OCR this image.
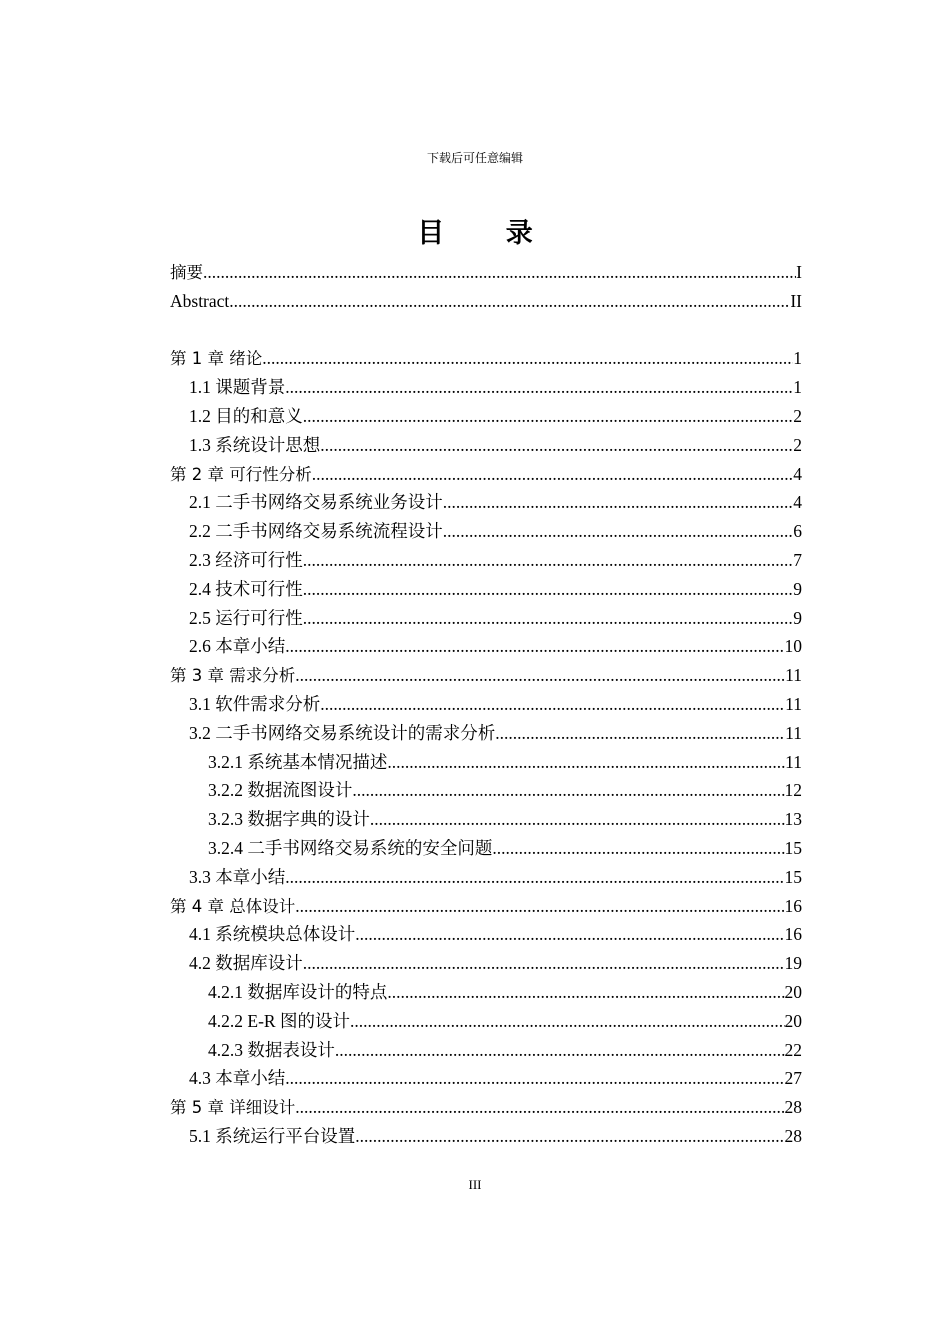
下载后可任意编辑
目 录
摘要 .....	I
Abstract .....	II
第 1 章 绪论 .....	1
1.1 课题背景 .....	1
1.2 目的和意义 .....	2
1.3 系统设计思想 .....	2
第 2 章 可行性分析 .....	4
2.1 二手书网络交易系统业务设计 .....	4
2.2 二手书网络交易系统流程设计 .....	6
2.3 经济可行性 .....	7
2.4 技术可行性 .....	9
2.5 运行可行性 .....	9
2.6 本章小结 .....	10
第 3 章 需求分析 .....	11
3.1 软件需求分析 .....	11
3.2 二手书网络交易系统设计的需求分析 .....	11
3.2.1 系统基本情况描述 .....	11
3.2.2 数据流图设计 .....	12
3.2.3 数据字典的设计 .....	13
3.2.4 二手书网络交易系统的安全问题 .....	15
3.3 本章小结 .....	15
第 4 章 总体设计 .....	16
4.1 系统模块总体设计 .....	16
4.2 数据库设计 .....	19
4.2.1 数据库设计的特点 .....	20
4.2.2 E-R 图的设计 .....	20
4.2.3 数据表设计 .....	22
4.3 本章小结 .....	27
第 5 章 详细设计 .....	28
5.1 系统运行平台设置 .....	28
III
